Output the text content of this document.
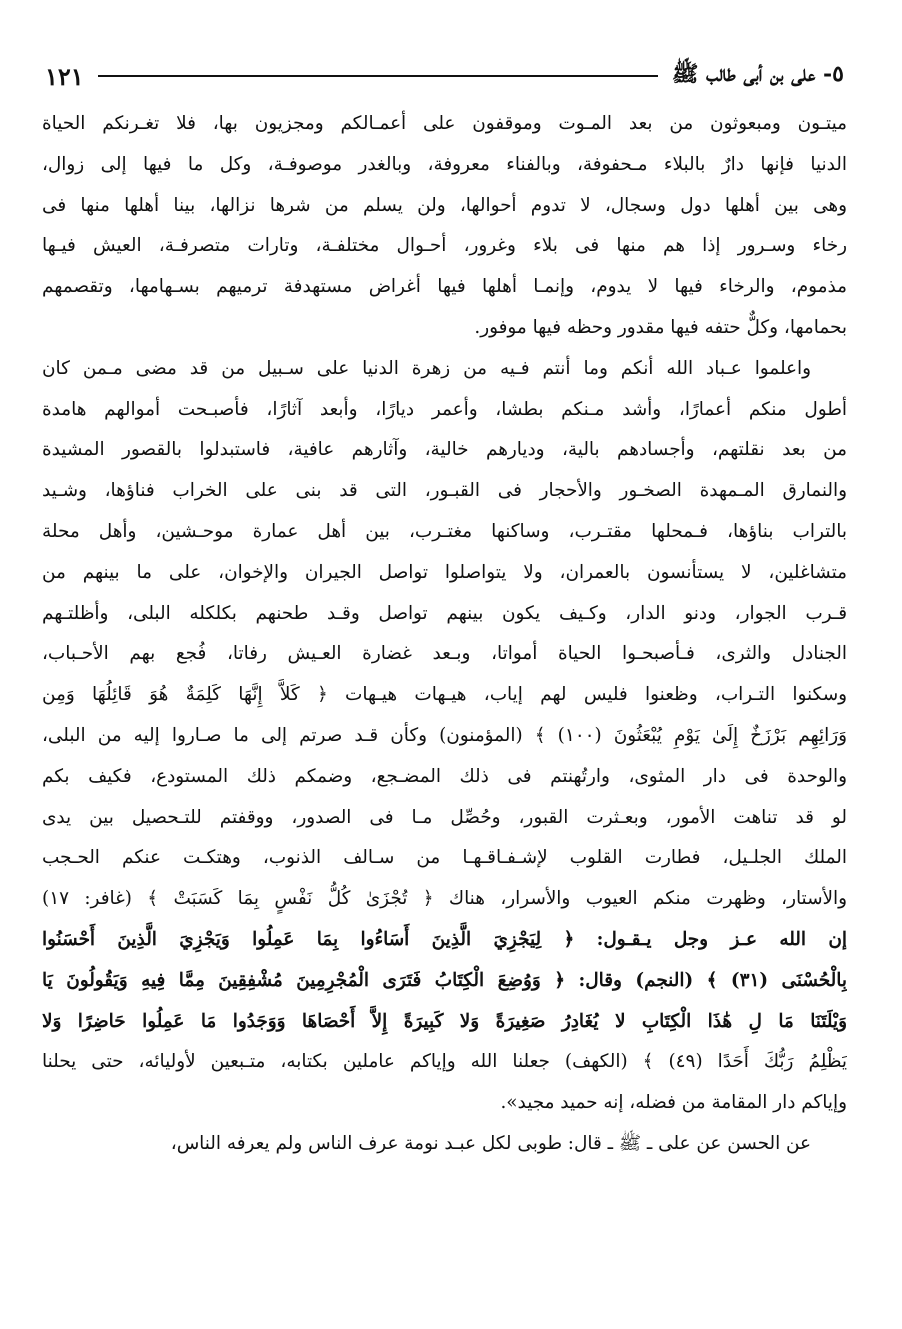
٥- على بن أبى طالب ﷺ
١٢١
ميتـون ومبعوثون من بعد المـوت وموقفون على أعمـالكم ومجزيون بها، فلا تغـرنكم الحياة
الدنيا فإنها دارٌ بالبلاء مـحفوفة، وبالفناء معروفة، وبالغدر موصوفـة، وكل ما فيها إلى زوال،
وهى بين أهلها دول وسجال، لا تدوم أحوالها، ولن يسلم من شرها نزالها، بينا أهلها منها فى
رخاء وسـرور إذا هم منها فى بلاء وغرور، أحـوال مختلفـة، وتارات متصرفـة، العيش فيـها
مذموم، والرخاء فيها لا يدوم، وإنمـا أهلها فيها أغراض مستهدفة ترميهم بسـهامها، وتقصمهم
بحمامها، وكلٌّ حتفه فيها مقدور وحظه فيها موفور.
واعلموا عـباد الله أنكم وما أنتم فـيه من زهرة الدنيا على سـبيل من قد مضى مـمن كان
أطول منكم أعمارًا، وأشد مـنكم بطشا، وأعمر ديارًا، وأبعد آثارًا، فأصبـحت أموالهم هامدة
من بعد نقلتهم، وأجسادهم بالية، وديارهم خالية، وآثارهم عافية، فاستبدلوا بالقصور المشيدة
والنمارق المـمهدة الصخـور والأحجار فى القبـور، التى قد بنى على الخراب فناؤها، وشـيد
بالتراب بناؤها، فـمحلها مقتـرب، وساكنها مغتـرب، بين أهل عمارة موحـشين، وأهل محلة
متشاغلين، لا يستأنسون بالعمران، ولا يتواصلوا تواصل الجيران والإخوان، على ما بينهم من
قـرب الجوار، ودنو الدار، وكـيف يكون بينهم تواصل وقـد طحنهم بكلكله البلى، وأظلتـهم
الجنادل والثرى، فـأصبحـوا الحياة أمواتا، وبـعد غضارة العـيش رفاتا، فُجع بهم الأحـباب،
وسكنوا التـراب، وظعنوا فليس لهم إياب، هيـهات هيـهات ﴿ كَلاَّ إِنَّهَا كَلِمَةٌ هُوَ قَائِلُهَا وَمِن
وَرَائِهِم بَرْزَخٌ إِلَىٰ يَوْمِ يُبْعَثُونَ (١٠٠) ﴾ (المؤمنون) وكأن قـد صرتم إلى ما صـاروا إليه من البلى،
والوحدة فى دار المثوى، وارتُهنتم فى ذلك المضـجع، وضمكم ذلك المستودع، فكيف بكم
لو قد تناهت الأمور، وبعـثرت القبور، وحُصِّل مـا فى الصدور، ووقفتم للتـحصيل بين يدى
الملك الجلـيل، فطارت القلوب لإشـفـاقـهـا من سـالف الذنوب، وهتكـت عنكم الحـجب
والأستار، وظهرت منكم العيوب والأسرار، هناك ﴿ تُجْزَىٰ كُلُّ نَفْسٍ بِمَا كَسَبَتْ ﴾ (غافر: ١٧)
إن الله عـز وجل يـقـول: ﴿ لِيَجْزِيَ الَّذِينَ أَسَاءُوا بِمَا عَمِلُوا وَيَجْزِيَ الَّذِينَ أَحْسَنُوا
بِالْحُسْنَى (٣١) ﴾ (النجم) وقال: ﴿ وَوُضِعَ الْكِتَابُ فَتَرَى الْمُجْرِمِينَ مُشْفِقِينَ مِمَّا فِيهِ وَيَقُولُونَ يَا
وَيْلَتَنَا مَا لِ هَٰذَا الْكِتَابِ لا يُغَادِرُ صَغِيرَةً وَلا كَبِيرَةً إِلاَّ أَحْصَاهَا وَوَجَدُوا مَا عَمِلُوا حَاضِرًا وَلا
يَظْلِمُ رَبُّكَ أَحَدًا (٤٩) ﴾ (الكهف) جعلنا الله وإياكم عاملين بكتابه، متـبعين لأوليائه، حتى يحلنا
وإياكم دار المقامة من فضله، إنه حميد مجيد».
عن الحسن عن على ـ ﷺ ـ قال: طوبى لكل عبـد نومة عرف الناس ولم يعرفه الناس،
